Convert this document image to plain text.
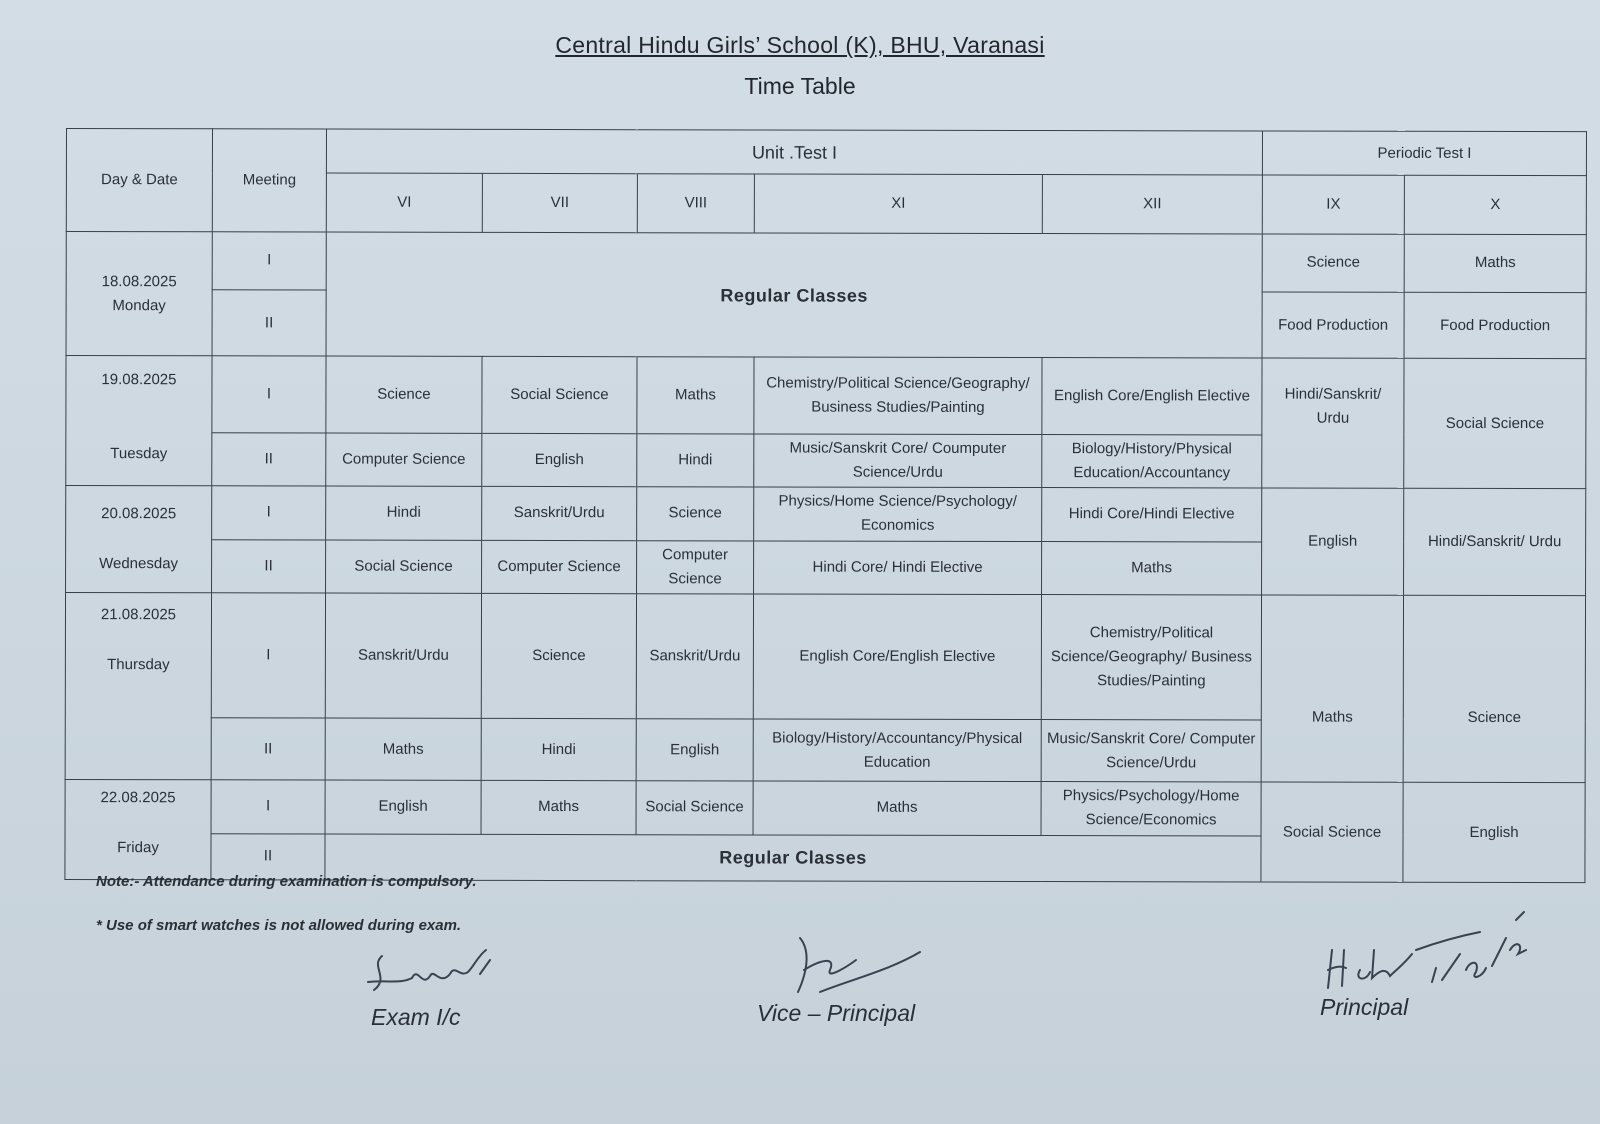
Central Hindu Girls’ School (K), BHU, Varanasi
Time Table
Day & Date	Meeting	Unit .Test I					Periodic Test I	
		VI	VII	VIII	XI	XII	IX	X

18.08.2025
Monday	I	Regular Classes					Science	Maths
	II						Food Production	Food Production

19.08.2025
Tuesday	I	Science	Social Science	Maths	Chemistry/Political Science/Geography/ Business Studies/Painting	English Core/English Elective	Hindi/Sanskrit/ Urdu	Social Science
	II	Computer Science	English	Hindi	Music/Sanskrit Core/ Coumputer Science/Urdu	Biology/History/Physical Education/Accountancy		

20.08.2025
Wednesday	I	Hindi	Sanskrit/Urdu	Science	Physics/Home Science/Psychology/ Economics	Hindi Core/Hindi Elective	English	Hindi/Sanskrit/ Urdu
	II	Social Science	Computer Science	Computer Science	Hindi Core/ Hindi Elective	Maths		

21.08.2025
Thursday	I	Sanskrit/Urdu	Science	Sanskrit/Urdu	English Core/English Elective	Chemistry/Political Science/Geography/ Business Studies/Painting	Maths	Science
	II	Maths	Hindi	English	Biology/History/Accountancy/Physical Education	Music/Sanskrit Core/ Computer Science/Urdu		

22.08.2025
Friday	I	English	Maths	Social Science	Maths	Physics/Psychology/Home Science/Economics	Social Science	English
	II	Regular Classes						
Note:- Attendance during examination is compulsory.
* Use of smart watches is not allowed during exam.
Exam I/c	Vice – Principal	Principal
